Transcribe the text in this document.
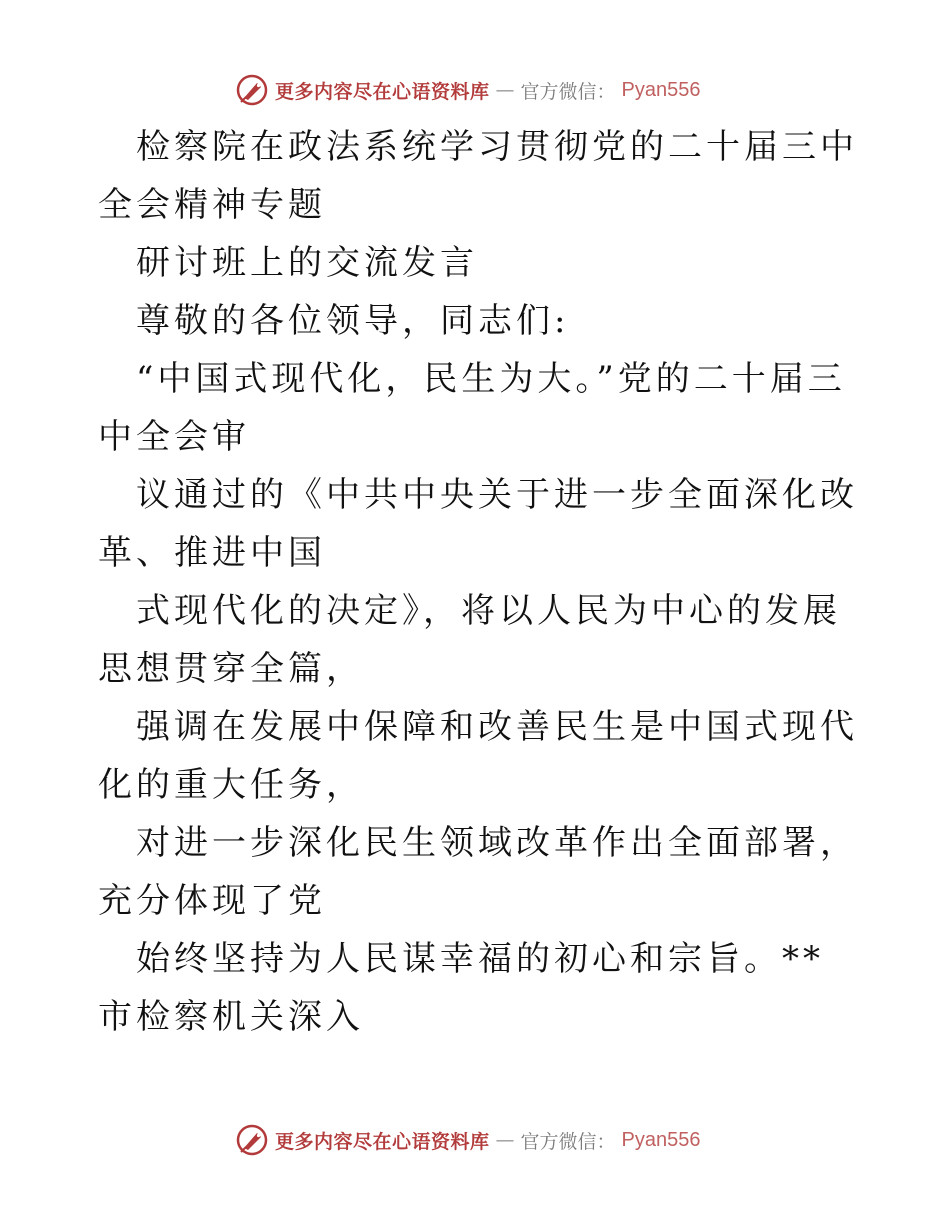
更多内容尽在心语资料库 — 官方微信： Pyan556

检察院在政法系统学习贯彻党的二十届三中全会精神专题

研讨班上的交流发言

尊敬的各位领导，同志们:

“中国式现代化，民生为大。”党的二十届三中全会审

议通过的《中共中央关于进一步全面深化改革、推进中国

式现代化的决定》，将以人民为中心的发展思想贯穿全篇，

强调在发展中保障和改善民生是中国式现代化的重大任务，

对进一步深化民生领域改革作出全面部署，充分体现了党

始终坚持为人民谋幸福的初心和宗旨。**市检察机关深入

更多内容尽在心语资料库 — 官方微信： Pyan556
